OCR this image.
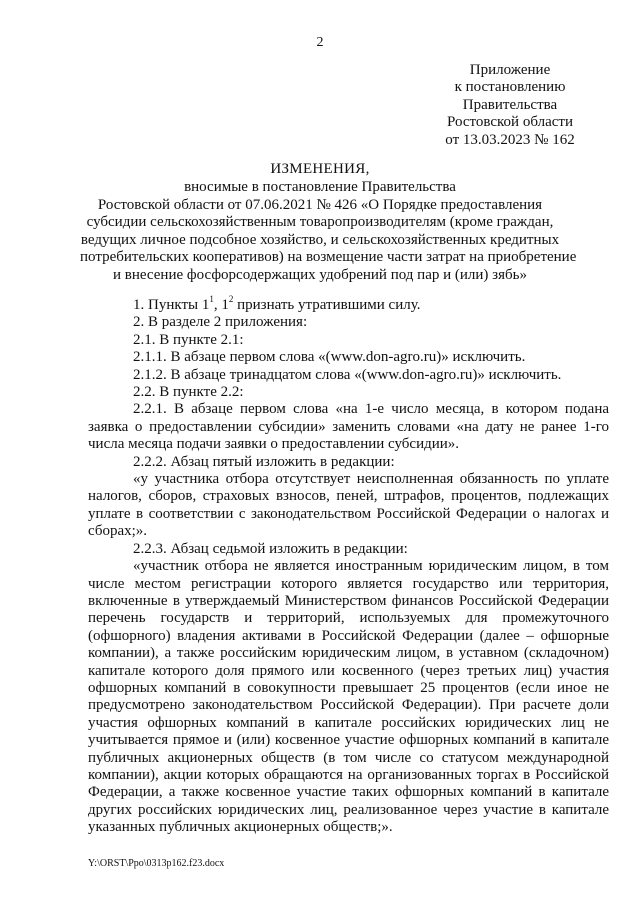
2
Приложение
к постановлению
Правительства
Ростовской области
от 13.03.2023 № 162
ИЗМЕНЕНИЯ,
вносимые в постановление Правительства
Ростовской области от 07.06.2021 № 426 «О Порядке предоставления
субсидии сельскохозяйственным товаропроизводителям (кроме граждан,
ведущих личное подсобное хозяйство, и сельскохозяйственных кредитных
потребительских кооперативов) на возмещение части затрат на приобретение
и внесение фосфорсодержащих удобрений под пар и (или) зябь»

1. Пункты $1^1$, $1^2$ признать утратившими силу.

2. В разделе 2 приложения:

2.1. В пункте 2.1:

2.1.1. В абзаце первом слова «(www.don-agro.ru)» исключить.

2.1.2. В абзаце тринадцатом слова «(www.don-agro.ru)» исключить.

2.2. В пункте 2.2:

2.2.1. В абзаце первом слова «на 1-е число месяца, в котором подана заявка о предоставлении субсидии» заменить словами «на дату не ранее 1-го числа месяца подачи заявки о предоставлении субсидии».

2.2.2. Абзац пятый изложить в редакции:

«у участника отбора отсутствует неисполненная обязанность по уплате налогов, сборов, страховых взносов, пеней, штрафов, процентов, подлежащих уплате в соответствии с законодательством Российской Федерации о налогах и сборах;».

2.2.3. Абзац седьмой изложить в редакции:

«участник отбора не является иностранным юридическим лицом, в том числе местом регистрации которого является государство или территория, включенные в утверждаемый Министерством финансов Российской Федерации перечень государств и территорий, используемых для промежуточного (офшорного) владения активами в Российской Федерации (далее – офшорные компании), а также российским юридическим лицом, в уставном (складочном) капитале которого доля прямого или косвенного (через третьих лиц) участия офшорных компаний в совокупности превышает 25 процентов (если иное не предусмотрено законодательством Российской Федерации). При расчете доли участия офшорных компаний в капитале российских юридических лиц не учитывается прямое и (или) косвенное участие офшорных компаний в капитале публичных акционерных обществ (в том числе со статусом международной компании), акции которых обращаются на организованных торгах в Российской Федерации, а также косвенное участие таких офшорных компаний в капитале других российских юридических лиц, реализованное через участие в капитале указанных публичных акционерных обществ;».

Y:\ORST\Ppo\0313p162.f23.docx
